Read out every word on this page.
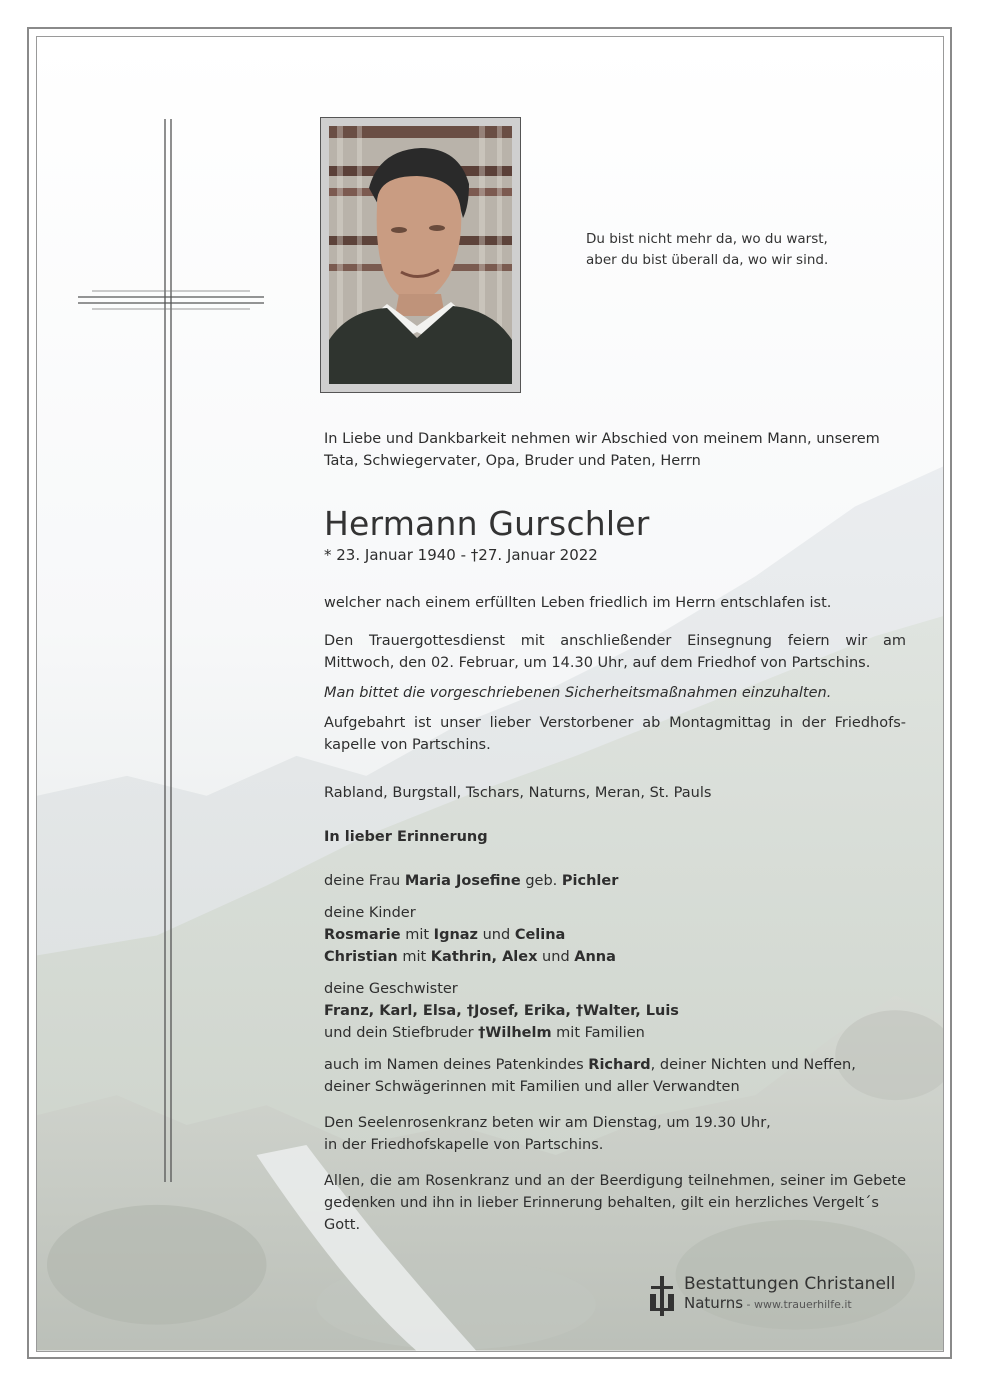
Du bist nicht mehr da, wo du warst,
aber du bist überall da, wo wir sind.

In Liebe und Dankbarkeit nehmen wir Abschied von meinem Mann, unserem
Tata, Schwiegervater, Opa, Bruder und Paten, Herrn

Hermann Gurschler

* 23. Januar 1940 - †27. Januar 2022

welcher nach einem erfüllten Leben friedlich im Herrn entschlafen ist.

Den Trauergottesdienst mit anschließender Einsegnung feiern wir am
Mittwoch, den 02. Februar, um 14.30 Uhr, auf dem Friedhof von Partschins.

Man bittet die vorgeschriebenen Sicherheitsmaßnahmen einzuhalten.

Aufgebahrt ist unser lieber Verstorbener ab Montagmittag in der Friedhofs-
kapelle von Partschins.

Rabland, Burgstall, Tschars, Naturns, Meran, St. Pauls

In lieber Erinnerung

deine Frau Maria Josefine geb. Pichler

deine Kinder
Rosmarie mit Ignaz und Celina
Christian mit Kathrin, Alex und Anna

deine Geschwister
Franz, Karl, Elsa, †Josef, Erika, †Walter, Luis
und dein Stiefbruder †Wilhelm mit Familien

auch im Namen deines Patenkindes Richard, deiner Nichten und Neffen,
deiner Schwägerinnen mit Familien und aller Verwandten

Den Seelenrosenkranz beten wir am Dienstag, um 19.30 Uhr,
in der Friedhofskapelle von Partschins.

Allen, die am Rosenkranz und an der Beerdigung teilnehmen, seiner im Gebete
gedenken und ihn in lieber Erinnerung behalten, gilt ein herzliches Vergelt´s Gott.

Bestattungen Christanell
Naturns - www.trauerhilfe.it
